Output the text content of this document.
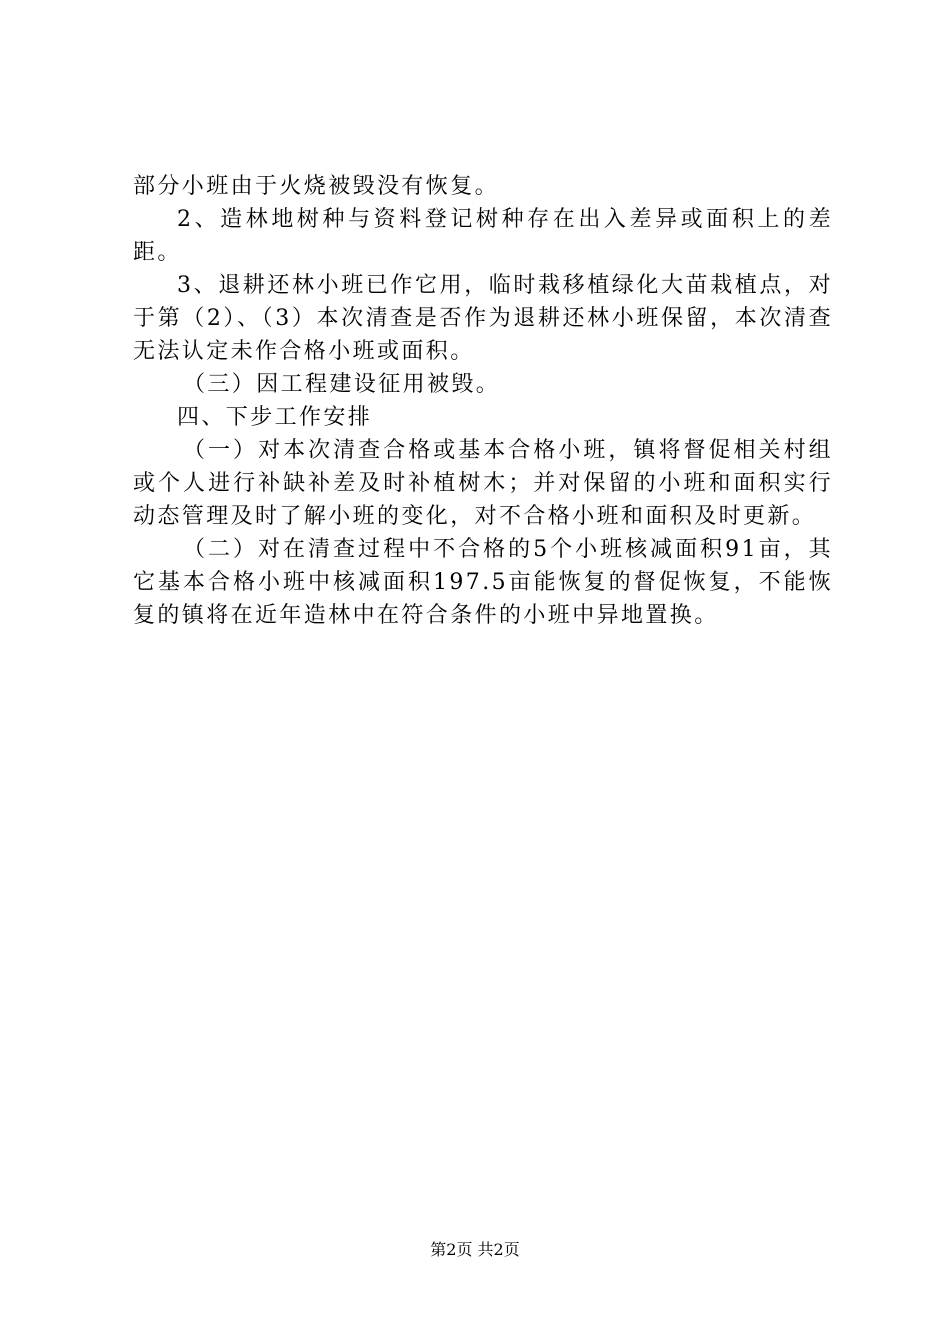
部分小班由于火烧被毁没有恢复。

2、造林地树种与资料登记树种存在出入差异或面积上的差距。

3、退耕还林小班已作它用，临时栽移植绿化大苗栽植点，对于第（2）、（3）本次清查是否作为退耕还林小班保留，本次清查无法认定未作合格小班或面积。

（三）因工程建设征用被毁。

四、下步工作安排

（一）对本次清查合格或基本合格小班，镇将督促相关村组或个人进行补缺补差及时补植树木；并对保留的小班和面积实行动态管理及时了解小班的变化，对不合格小班和面积及时更新。

（二）对在清查过程中不合格的5个小班核减面积91亩，其它基本合格小班中核减面积197.5亩能恢复的督促恢复，不能恢复的镇将在近年造林中在符合条件的小班中异地置换。

第2页 共2页
